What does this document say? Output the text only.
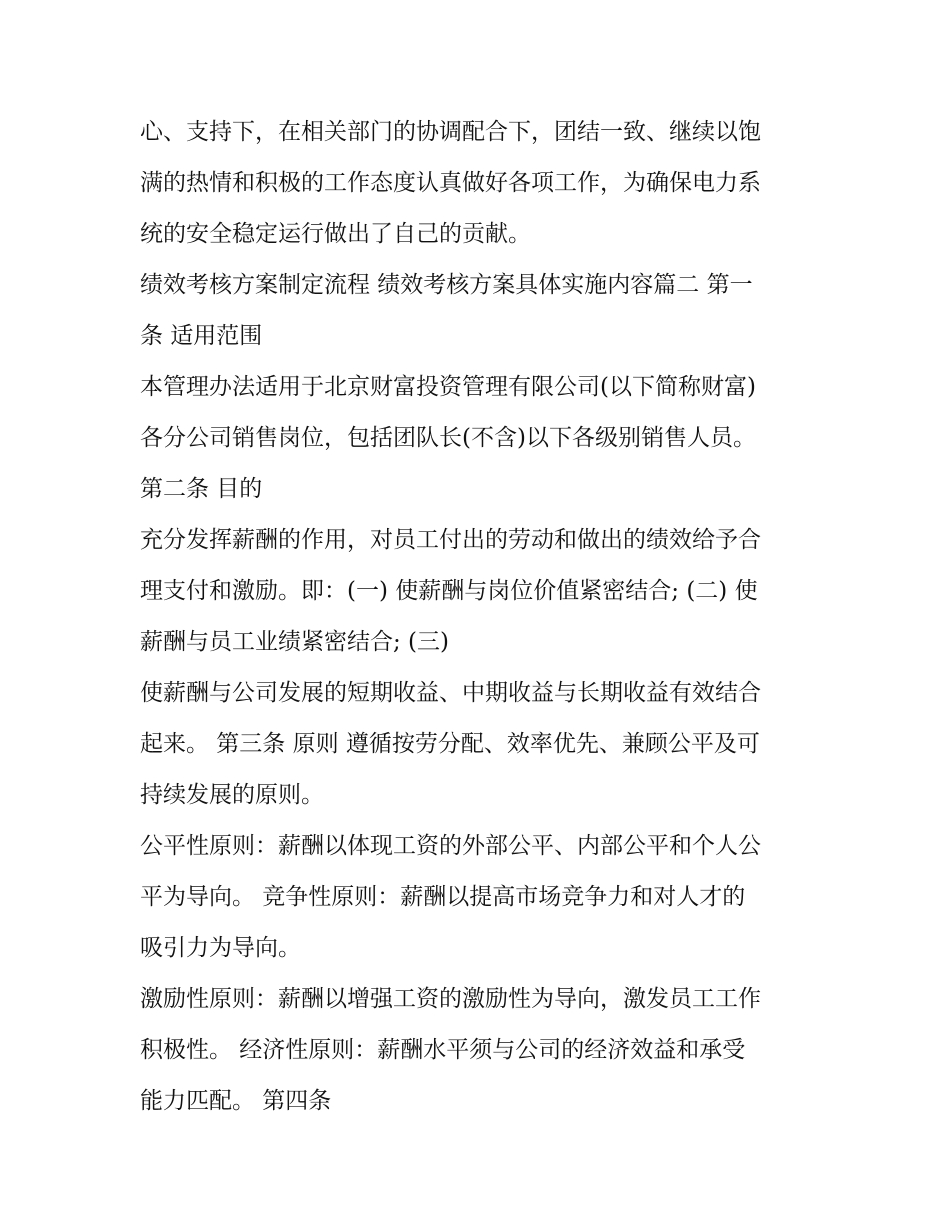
心、支持下，在相关部门的协调配合下，团结一致、继续以饱
满的热情和积极的工作态度认真做好各项工作，为确保电力系
统的安全稳定运行做出了自己的贡献。
绩效考核方案制定流程 绩效考核方案具体实施内容篇二 第一
条 适用范围
本管理办法适用于北京财富投资管理有限公司(以下简称财富)
各分公司销售岗位，包括团队长(不含)以下各级别销售人员。
第二条 目的
充分发挥薪酬的作用，对员工付出的劳动和做出的绩效给予合
理支付和激励。即：(一) 使薪酬与岗位价值紧密结合; (二) 使
薪酬与员工业绩紧密结合; (三)
使薪酬与公司发展的短期收益、中期收益与长期收益有效结合
起来。 第三条 原则 遵循按劳分配、效率优先、兼顾公平及可
持续发展的原则。
公平性原则：薪酬以体现工资的外部公平、内部公平和个人公
平为导向。 竞争性原则：薪酬以提高市场竞争力和对人才的
吸引力为导向。
激励性原则：薪酬以增强工资的激励性为导向，激发员工工作
积极性。 经济性原则：薪酬水平须与公司的经济效益和承受
能力匹配。 第四条
